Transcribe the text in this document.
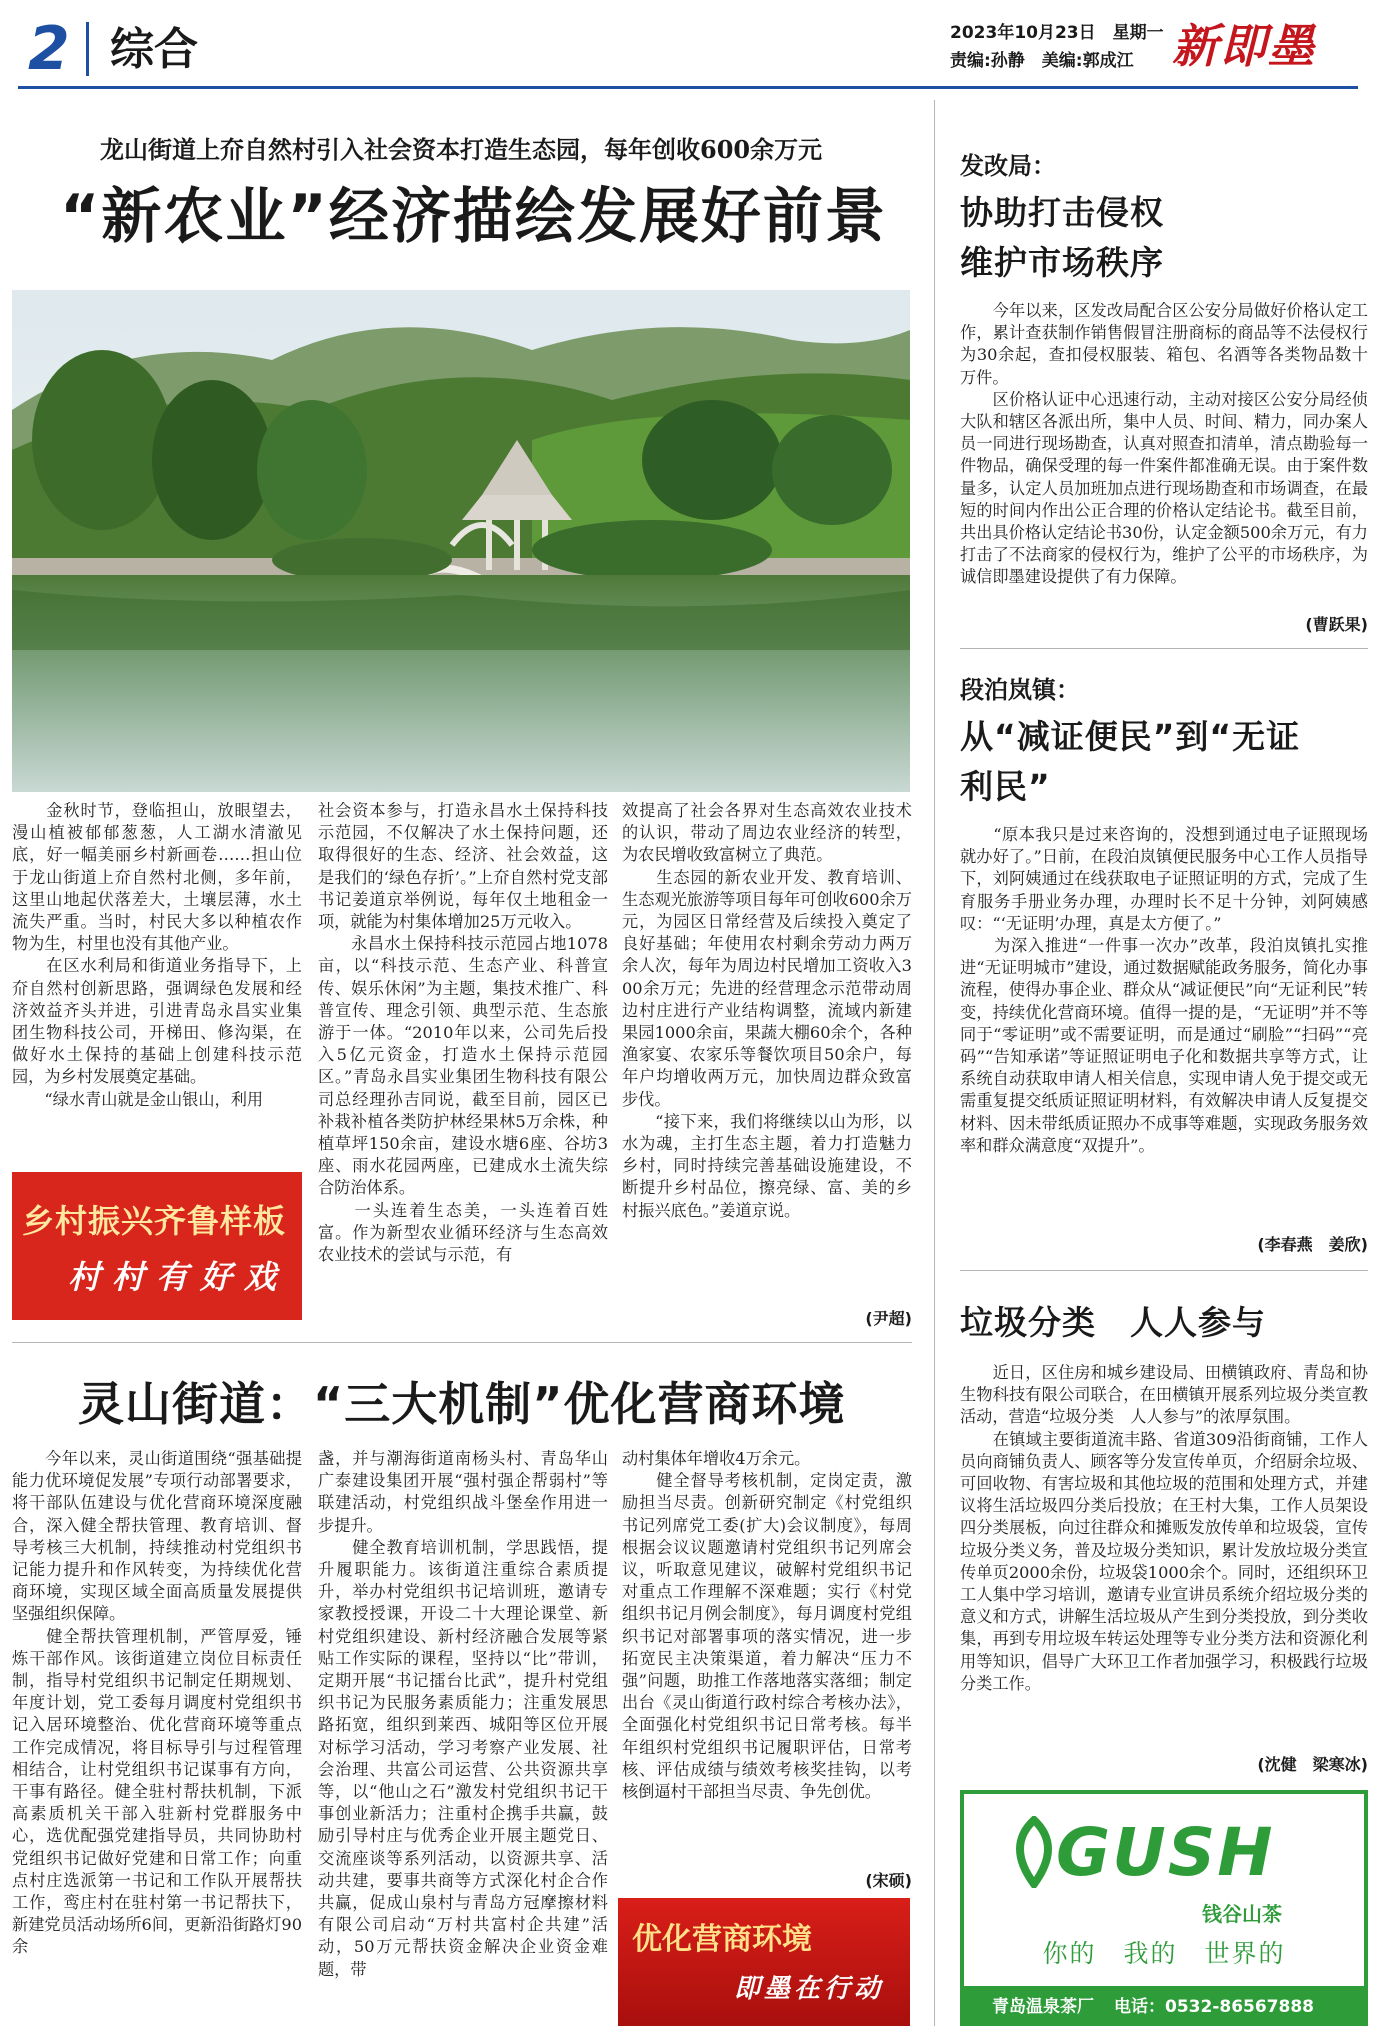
2 综合	2023年10月23日　星期一
责编:孙静　美编:郭成江 新即墨
龙山街道上夼自然村引入社会资本打造生态园，每年创收600余万元
“新农业”经济描绘发展好前景
　　金秋时节，登临担山，放眼望去，漫山植被郁郁葱葱，人工湖水清澈见底，好一幅美丽乡村新画卷……担山位于龙山街道上夼自然村北侧，多年前，这里山地起伏落差大，土壤层薄，水土流失严重。当时，村民大多以种植农作物为生，村里也没有其他产业。
　　在区水利局和街道业务指导下，上夼自然村创新思路，强调绿色发展和经济效益齐头并进，引进青岛永昌实业集团生物科技公司，开梯田、修沟渠，在做好水土保持的基础上创建科技示范园，为乡村发展奠定基础。
　　“绿水青山就是金山银山，利用
社会资本参与，打造永昌水土保持科技示范园，不仅解决了水土保持问题，还取得很好的生态、经济、社会效益，这是我们的‘绿色存折’。”上夼自然村党支部书记姜道京举例说，每年仅土地租金一项，就能为村集体增加25万元收入。
　　永昌水土保持科技示范园占地1078亩，以“科技示范、生态产业、科普宣传、娱乐休闲”为主题，集技术推广、科普宣传、理念引领、典型示范、生态旅游于一体。“2010年以来，公司先后投入5亿元资金，打造水土保持示范园区。”青岛永昌实业集团生物科技有限公司总经理孙吉同说，截至目前，园区已补栽补植各类防护林经果林5万余株，种植草坪150余亩，建设水塘6座、谷坊3座、雨水花园两座，已建成水土流失综合防治体系。
　　一头连着生态美，一头连着百姓富。作为新型农业循环经济与生态高效农业技术的尝试与示范，有
效提高了社会各界对生态高效农业技术的认识，带动了周边农业经济的转型，为农民增收致富树立了典范。
　　生态园的新农业开发、教育培训、生态观光旅游等项目每年可创收600余万元，为园区日常经营及后续投入奠定了良好基础；年使用农村剩余劳动力两万余人次，每年为周边村民增加工资收入300余万元；先进的经营理念示范带动周边村庄进行产业结构调整，流域内新建果园1000余亩，果蔬大棚60余个，各种渔家宴、农家乐等餐饮项目50余户，每年户均增收两万元，加快周边群众致富步伐。
　　“接下来，我们将继续以山为形，以水为魂，主打生态主题，着力打造魅力乡村，同时持续完善基础设施建设，不断提升乡村品位，擦亮绿、富、美的乡村振兴底色。”姜道京说。
(尹超)
乡村振兴齐鲁样板
村村有好戏
灵山街道：“三大机制”优化营商环境
　　今年以来，灵山街道围绕“强基础提能力优环境促发展”专项行动部署要求，将干部队伍建设与优化营商环境深度融合，深入健全帮扶管理、教育培训、督导考核三大机制，持续推动村党组织书记能力提升和作风转变，为持续优化营商环境，实现区域全面高质量发展提供坚强组织保障。
　　健全帮扶管理机制，严管厚爱，锤炼干部作风。该街道建立岗位目标责任制，指导村党组织书记制定任期规划、年度计划，党工委每月调度村党组织书记入居环境整治、优化营商环境等重点工作完成情况，将目标导引与过程管理相结合，让村党组织书记谋事有方向，干事有路径。健全驻村帮扶机制，下派高素质机关干部入驻新村党群服务中心，选优配强党建指导员，共同协助村党组织书记做好党建和日常工作；向重点村庄选派第一书记和工作队开展帮扶工作，鸾庄村在驻村第一书记帮扶下，新建党员活动场所6间，更新沿街路灯90余
盏，并与潮海街道南杨头村、青岛华山广泰建设集团开展“强村强企帮弱村”等联建活动，村党组织战斗堡垒作用进一步提升。
　　健全教育培训机制，学思践悟，提升履职能力。该街道注重综合素质提升，举办村党组织书记培训班，邀请专家教授授课，开设二十大理论课堂、新村党组织建设、新村经济融合发展等紧贴工作实际的课程，坚持以“比”带训，定期开展“书记擂台比武”，提升村党组织书记为民服务素质能力；注重发展思路拓宽，组织到莱西、城阳等区位开展对标学习活动，学习考察产业发展、社会治理、共富公司运营、公共资源共享等，以“他山之石”激发村党组织书记干事创业新活力；注重村企携手共赢，鼓励引导村庄与优秀企业开展主题党日、交流座谈等系列活动，以资源共享、活动共建，要事共商等方式深化村企合作共赢，促成山泉村与青岛方冠摩擦材料有限公司启动“万村共富村企共建”活动，50万元帮扶资金解决企业资金难题，带
动村集体年增收4万余元。
　　健全督导考核机制，定岗定责，激励担当尽责。创新研究制定《村党组织书记列席党工委(扩大)会议制度》，每周根据会议议题邀请村党组织书记列席会议，听取意见建议，破解村党组织书记对重点工作理解不深难题；实行《村党组织书记月例会制度》，每月调度村党组织书记对部署事项的落实情况，进一步拓宽民主决策渠道，着力解决“压力不强”问题，助推工作落地落实落细；制定出台《灵山街道行政村综合考核办法》，全面强化村党组织书记日常考核。每半年组织村党组织书记履职评估，日常考核、评估成绩与绩效考核奖挂钩，以考核倒逼村干部担当尽责、争先创优。
(宋硕)
优化营商环境
即墨在行动
发改局：
协助打击侵权
维护市场秩序
　　今年以来，区发改局配合区公安分局做好价格认定工作，累计查获制作销售假冒注册商标的商品等不法侵权行为30余起，查扣侵权服装、箱包、名酒等各类物品数十万件。
　　区价格认证中心迅速行动，主动对接区公安分局经侦大队和辖区各派出所，集中人员、时间、精力，同办案人员一同进行现场勘查，认真对照查扣清单，清点勘验每一件物品，确保受理的每一件案件都准确无误。由于案件数量多，认定人员加班加点进行现场勘查和市场调查，在最短的时间内作出公正合理的价格认定结论书。截至目前，共出具价格认定结论书30份，认定金额500余万元，有力打击了不法商家的侵权行为，维护了公平的市场秩序，为诚信即墨建设提供了有力保障。
(曹跃果)
段泊岚镇：
从“减证便民”到“无证
利民”
　　“原本我只是过来咨询的，没想到通过电子证照现场就办好了。”日前，在段泊岚镇便民服务中心工作人员指导下，刘阿姨通过在线获取电子证照证明的方式，完成了生育服务手册业务办理，办理时长不足十分钟，刘阿姨感叹：“‘无证明’办理，真是太方便了。”
　　为深入推进“一件事一次办”改革，段泊岚镇扎实推进“无证明城市”建设，通过数据赋能政务服务，简化办事流程，使得办事企业、群众从“减证便民”向“无证利民”转变，持续优化营商环境。值得一提的是，“无证明”并不等同于“零证明”或不需要证明，而是通过“刷脸”“扫码”“亮码”“告知承诺”等证照证明电子化和数据共享等方式，让系统自动获取申请人相关信息，实现申请人免于提交或无需重复提交纸质证照证明材料，有效解决申请人反复提交材料、因未带纸质证照办不成事等难题，实现政务服务效率和群众满意度“双提升”。
(李春燕　姜欣)
垃圾分类　人人参与
　　近日，区住房和城乡建设局、田横镇政府、青岛和协生物科技有限公司联合，在田横镇开展系列垃圾分类宣教活动，营造“垃圾分类　人人参与”的浓厚氛围。
　　在镇域主要街道流丰路、省道309沿街商铺，工作人员向商铺负责人、顾客等分发宣传单页，介绍厨余垃圾、可回收物、有害垃圾和其他垃圾的范围和处理方式，并建议将生活垃圾四分类后投放；在王村大集，工作人员架设四分类展板，向过往群众和摊贩发放传单和垃圾袋，宣传垃圾分类义务，普及垃圾分类知识，累计发放垃圾分类宣传单页2000余份，垃圾袋1000余个。同时，还组织环卫工人集中学习培训，邀请专业宣讲员系统介绍垃圾分类的意义和方式，讲解生活垃圾从产生到分类投放，到分类收集，再到专用垃圾车转运处理等专业分类方法和资源化利用等知识，倡导广大环卫工作者加强学习，积极践行垃圾分类工作。
(沈健　梁寒冰)
GUSH
钱谷山茶
你的　我的　世界的
青岛温泉茶厂 电话：0532-86567888
